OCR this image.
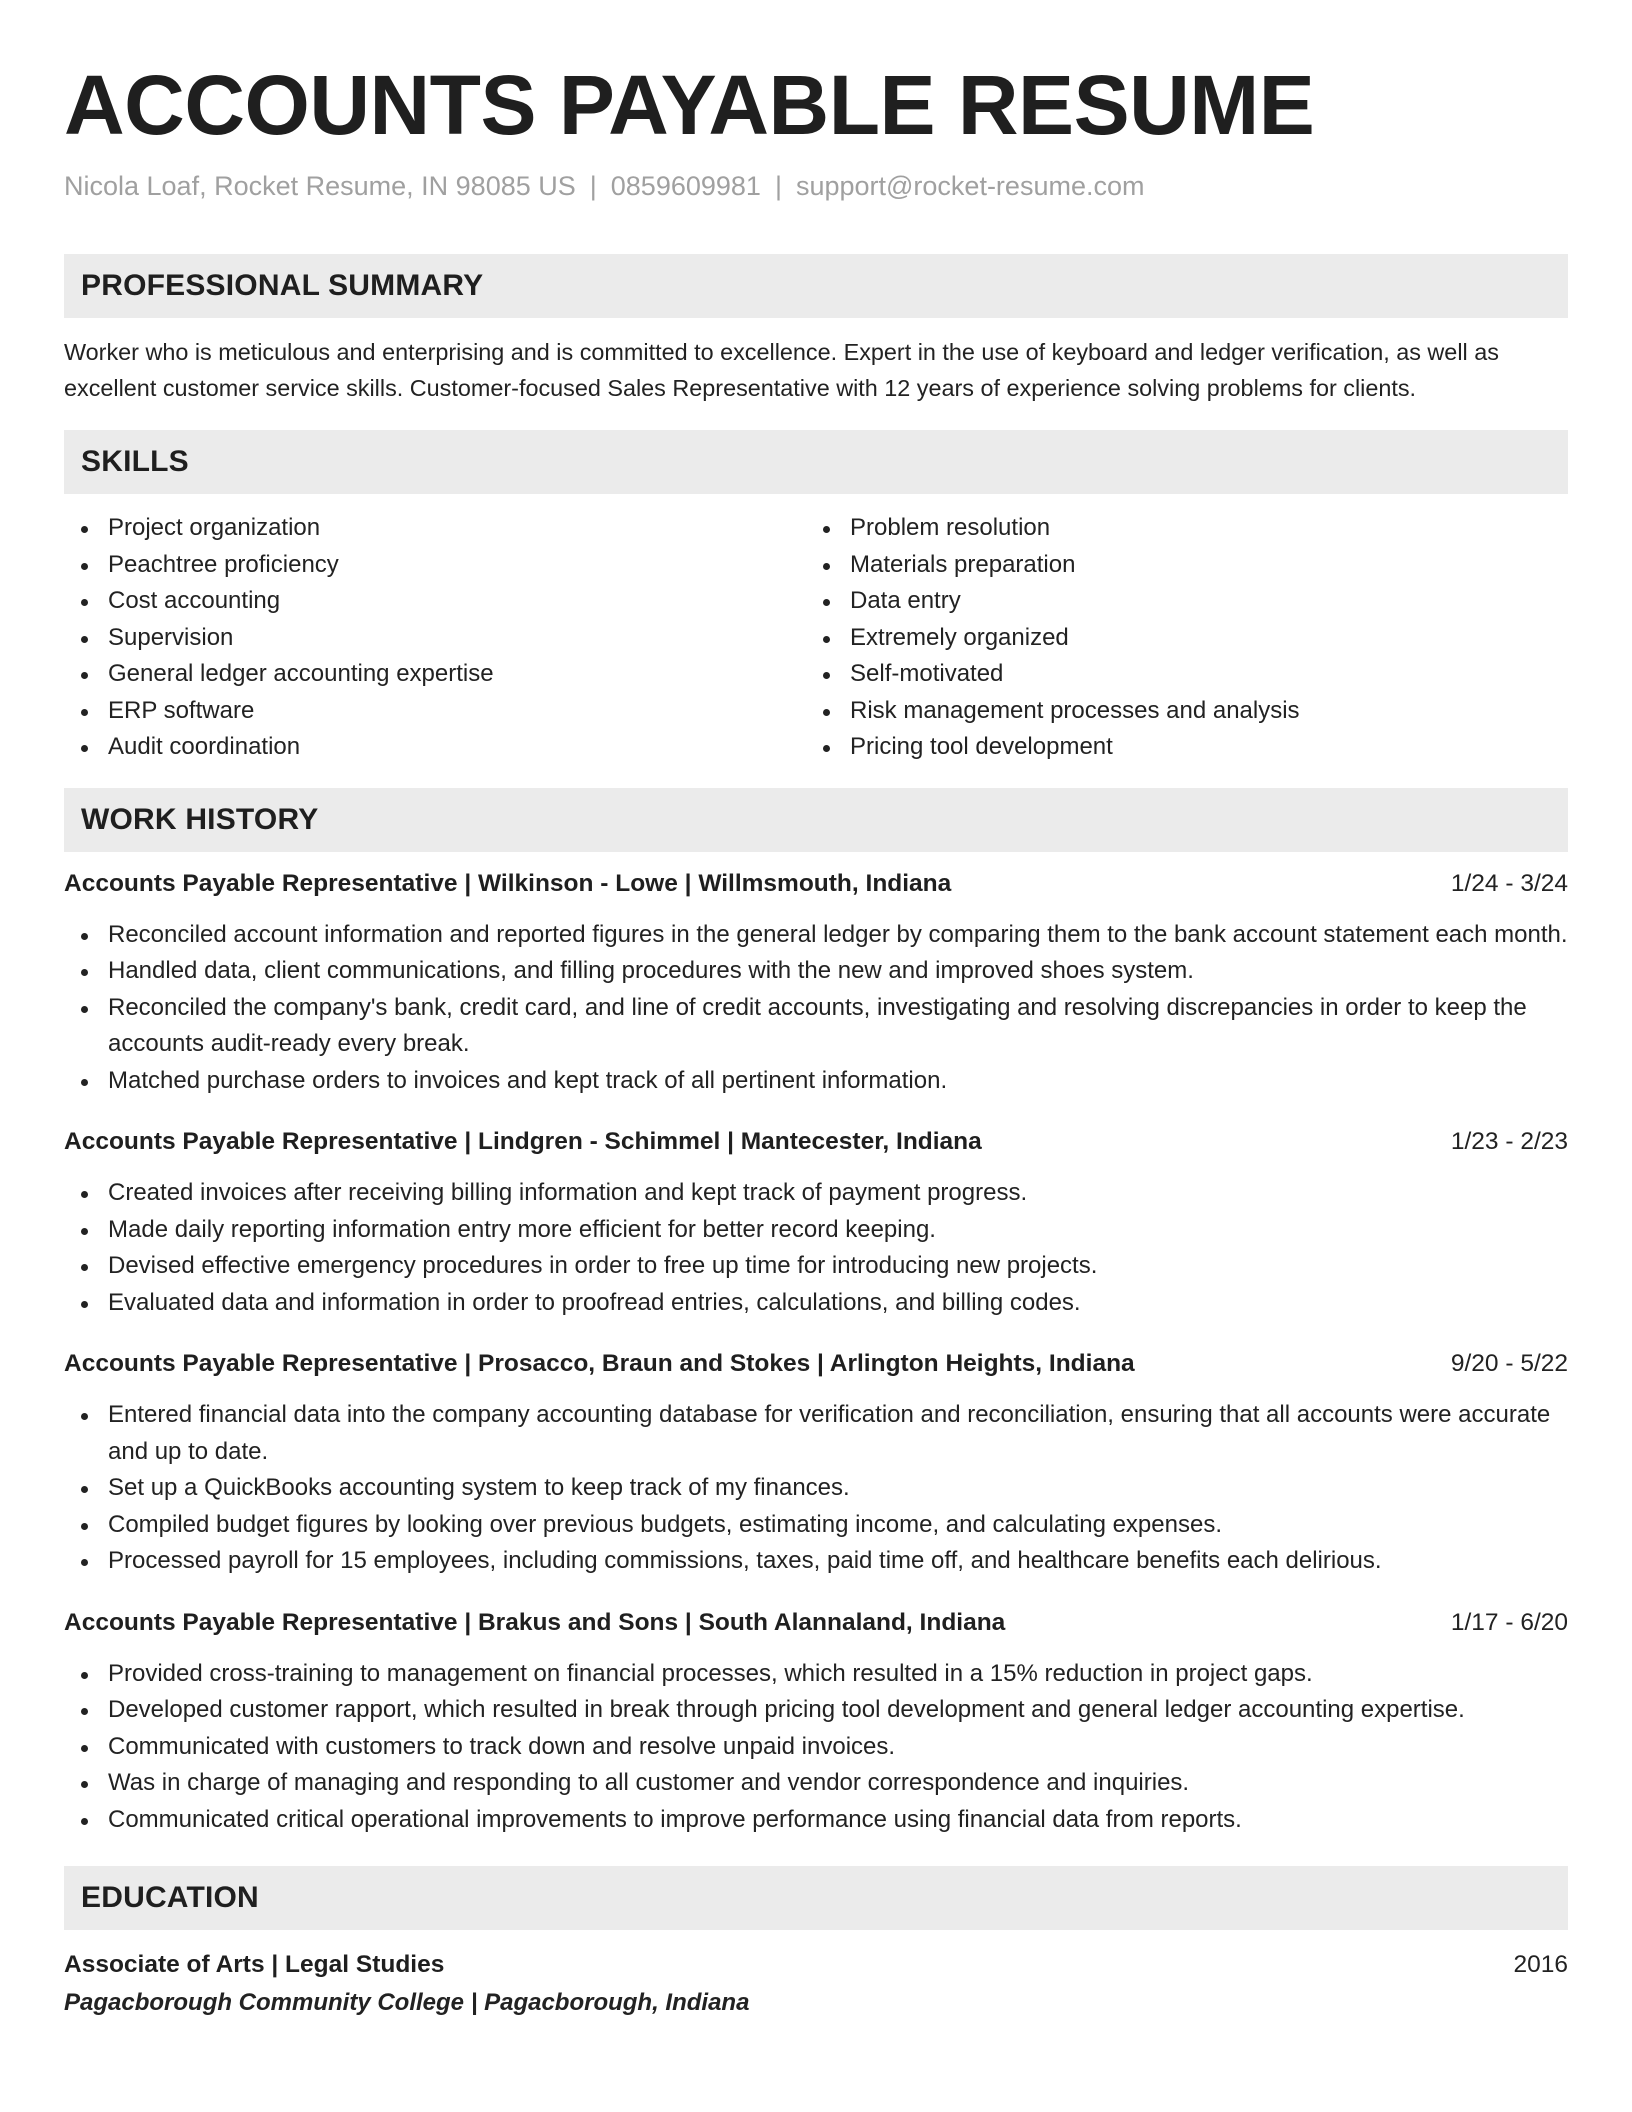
ACCOUNTS PAYABLE RESUME
Nicola Loaf, Rocket Resume, IN 98085 US | 0859609981 | support@rocket-resume.com
PROFESSIONAL SUMMARY
Worker who is meticulous and enterprising and is committed to excellence. Expert in the use of keyboard and ledger verification, as well as excellent customer service skills. Customer-focused Sales Representative with 12 years of experience solving problems for clients.
SKILLS
Project organization
Peachtree proficiency
Cost accounting
Supervision
General ledger accounting expertise
ERP software
Audit coordination
Problem resolution
Materials preparation
Data entry
Extremely organized
Self-motivated
Risk management processes and analysis
Pricing tool development
WORK HISTORY
Accounts Payable Representative | Wilkinson - Lowe | Willmsmouth, Indiana	1/24 - 3/24
Reconciled account information and reported figures in the general ledger by comparing them to the bank account statement each month.
Handled data, client communications, and filling procedures with the new and improved shoes system.
Reconciled the company's bank, credit card, and line of credit accounts, investigating and resolving discrepancies in order to keep the accounts audit-ready every break.
Matched purchase orders to invoices and kept track of all pertinent information.
Accounts Payable Representative | Lindgren - Schimmel | Mantecester, Indiana	1/23 - 2/23
Created invoices after receiving billing information and kept track of payment progress.
Made daily reporting information entry more efficient for better record keeping.
Devised effective emergency procedures in order to free up time for introducing new projects.
Evaluated data and information in order to proofread entries, calculations, and billing codes.
Accounts Payable Representative | Prosacco, Braun and Stokes | Arlington Heights, Indiana	9/20 - 5/22
Entered financial data into the company accounting database for verification and reconciliation, ensuring that all accounts were accurate and up to date.
Set up a QuickBooks accounting system to keep track of my finances.
Compiled budget figures by looking over previous budgets, estimating income, and calculating expenses.
Processed payroll for 15 employees, including commissions, taxes, paid time off, and healthcare benefits each delirious.
Accounts Payable Representative | Brakus and Sons | South Alannaland, Indiana	1/17 - 6/20
Provided cross-training to management on financial processes, which resulted in a 15% reduction in project gaps.
Developed customer rapport, which resulted in break through pricing tool development and general ledger accounting expertise.
Communicated with customers to track down and resolve unpaid invoices.
Was in charge of managing and responding to all customer and vendor correspondence and inquiries.
Communicated critical operational improvements to improve performance using financial data from reports.
EDUCATION
Associate of Arts | Legal Studies	2016
Pagacborough Community College | Pagacborough, Indiana
